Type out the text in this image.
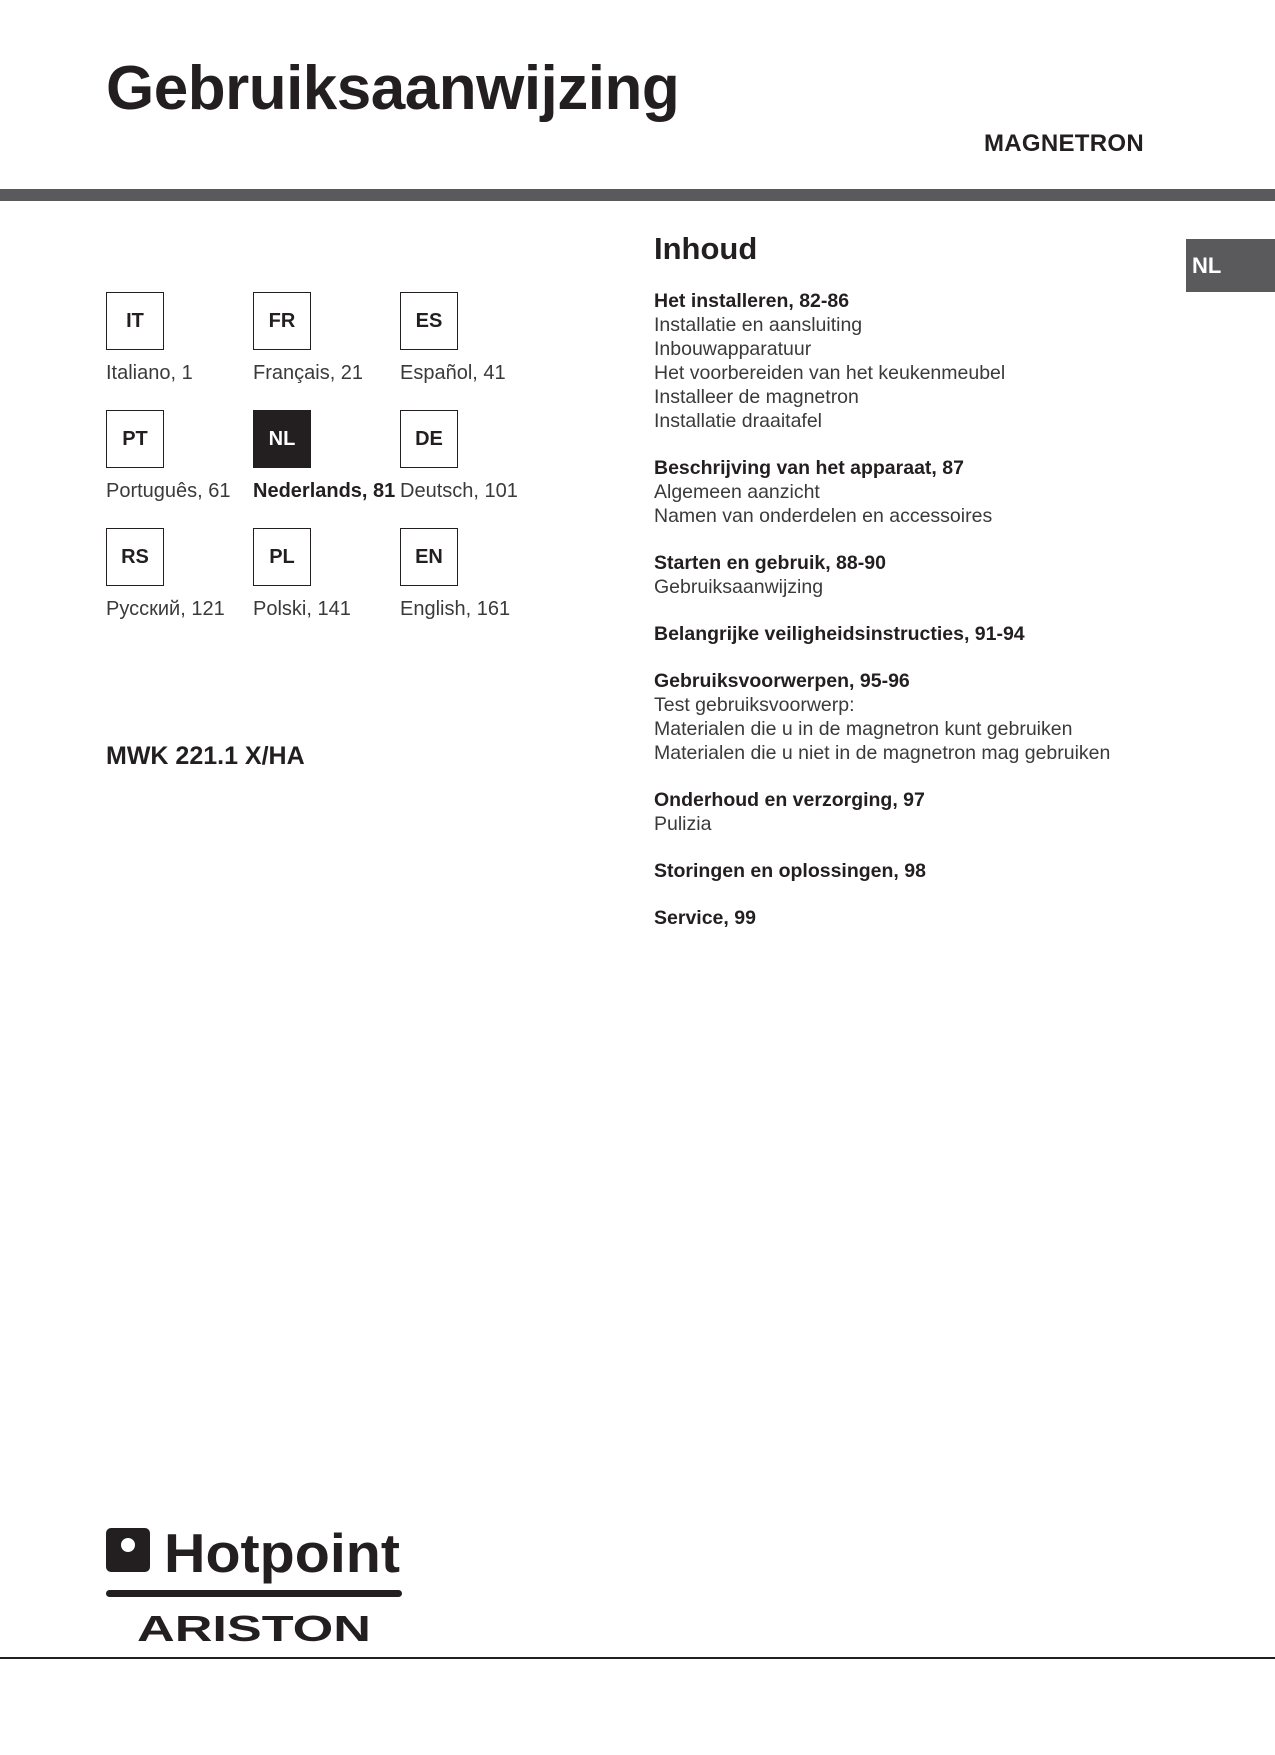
Gebruiksaanwijzing
MAGNETRON
NL
IT
Italiano, 1
FR
Français, 21
ES
Español, 41
PT
Português, 61
NL
Nederlands, 81
DE
Deutsch, 101
RS
Русский, 121
PL
Polski, 141
EN
English, 161
MWK 221.1 X/HA
Inhoud
Het installeren, 82-86
Installatie en aansluiting
Inbouwapparatuur
Het voorbereiden van het keukenmeubel
Installeer de magnetron
Installatie draaitafel
Beschrijving van het apparaat, 87
Algemeen aanzicht
Namen van onderdelen en accessoires
Starten en gebruik, 88-90
Gebruiksaanwijzing
Belangrijke veiligheidsinstructies, 91-94
Gebruiksvoorwerpen, 95-96
Test gebruiksvoorwerp:
Materialen die u in de magnetron kunt gebruiken
Materialen die u niet in de magnetron mag gebruiken
Onderhoud en verzorging, 97
Pulizia
Storingen en oplossingen, 98
Service, 99
Hotpoint
ARISTON
